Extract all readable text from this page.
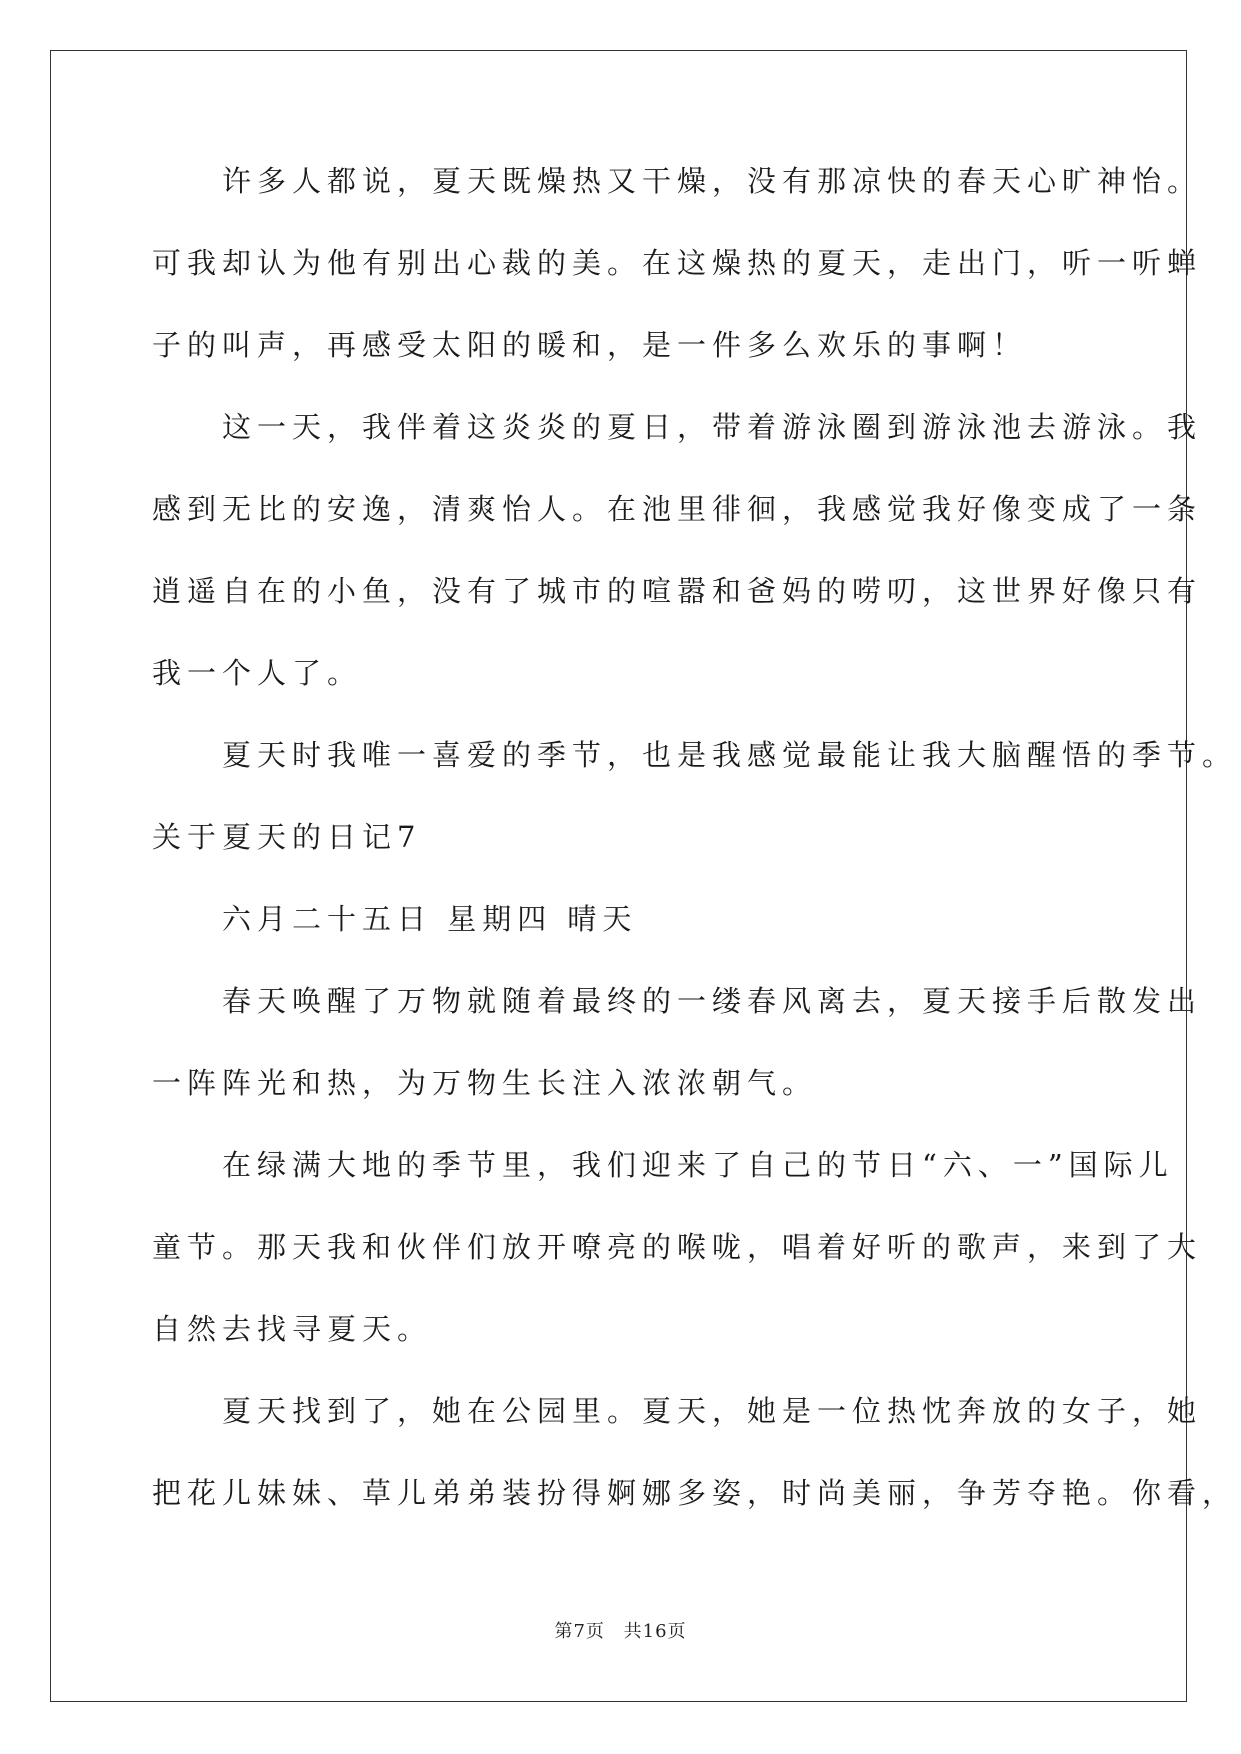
　　许多人都说，夏天既燥热又干燥，没有那凉快的春天心旷神怡。
可我却认为他有别出心裁的美。在这燥热的夏天，走出门，听一听蝉
子的叫声，再感受太阳的暖和，是一件多么欢乐的事啊！
　　这一天，我伴着这炎炎的夏日，带着游泳圈到游泳池去游泳。我
感到无比的安逸，清爽怡人。在池里徘徊，我感觉我好像变成了一条
逍遥自在的小鱼，没有了城市的喧嚣和爸妈的唠叨，这世界好像只有
我一个人了。
　　夏天时我唯一喜爱的季节，也是我感觉最能让我大脑醒悟的季节。
关于夏天的日记7
　　六月二十五日 星期四 晴天
　　春天唤醒了万物就随着最终的一缕春风离去，夏天接手后散发出
一阵阵光和热，为万物生长注入浓浓朝气。
　　在绿满大地的季节里，我们迎来了自己的节日“六、一”国际儿
童节。那天我和伙伴们放开嘹亮的喉咙，唱着好听的歌声，来到了大
自然去找寻夏天。
　　夏天找到了，她在公园里。夏天，她是一位热忱奔放的女子，她
把花儿妹妹、草儿弟弟装扮得婀娜多姿，时尚美丽，争芳夺艳。你看，
第7页 共16页
